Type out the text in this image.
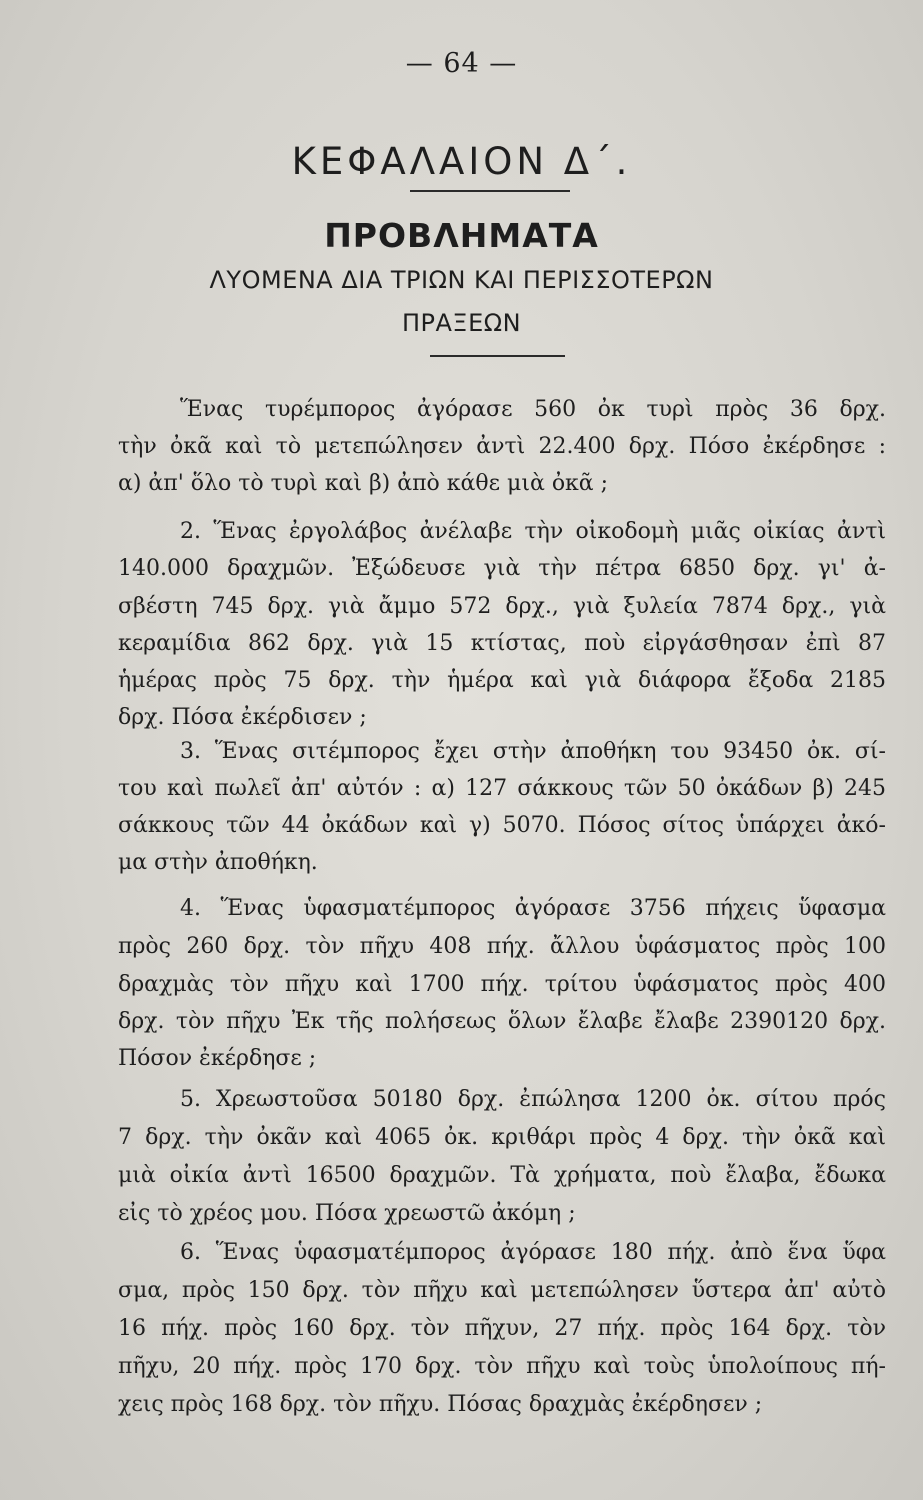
— 64 —
ΚΕΦΑΛΑΙΟΝ Δ΄.
ΠΡΟΒΛΗΜΑΤΑ
ΛΥΟΜΕΝΑ ΔΙΑ ΤΡΙΩΝ ΚΑΙ ΠΕΡΙΣΣΟΤΕΡΩΝ
ΠΡΑΞΕΩΝ
Ἕνας τυρέμπορος ἀγόρασε 560 ὀκ τυρὶ πρὸς 36 δρχ.
τὴν ὀκᾶ καὶ τὸ μετεπώλησεν ἀντὶ 22.400 δρχ. Πόσο ἐκέρδησε :
α) ἀπ' ὅλο τὸ τυρὶ καὶ β) ἀπὸ κάθε μιὰ ὀκᾶ ;
2. Ἕνας ἐργολάβος ἀνέλαβε τὴν οἰκοδομὴ μιᾶς οἰκίας ἀντὶ
140.000 δραχμῶν. Ἐξώδευσε γιὰ τὴν πέτρα 6850 δρχ. γι' ἀ-
σβέστη 745 δρχ. γιὰ ἄμμο 572 δρχ., γιὰ ξυλεία 7874 δρχ., γιὰ
κεραμίδια 862 δρχ. γιὰ 15 κτίστας, ποὺ εἰργάσθησαν ἐπὶ 87
ἡμέρας πρὸς 75 δρχ. τὴν ἡμέρα καὶ γιὰ διάφορα ἔξοδα 2185
δρχ. Πόσα ἐκέρδισεν ;
3. Ἕνας σιτέμπορος ἔχει στὴν ἀποθήκη του 93450 ὀκ. σί-
του καὶ πωλεῖ ἀπ' αὐτόν : α) 127 σάκκους τῶν 50 ὀκάδων β) 245
σάκκους τῶν 44 ὀκάδων καὶ γ) 5070. Πόσος σίτος ὑπάρχει ἀκό-
μα στὴν ἀποθήκη.
4. Ἕνας ὑφασματέμπορος ἀγόρασε 3756 πήχεις ὕφασμα
πρὸς 260 δρχ. τὸν πῆχυ 408 πήχ. ἄλλου ὑφάσματος πρὸς 100
δραχμὰς τὸν πῆχυ καὶ 1700 πήχ. τρίτου ὑφάσματος πρὸς 400
δρχ. τὸν πῆχυ Ἐκ τῆς πολήσεως ὅλων ἔλαβε ἔλαβε 2390120 δρχ.
Πόσον ἐκέρδησε ;
5. Χρεωστοῦσα 50180 δρχ. ἐπώλησα 1200 ὀκ. σίτου πρός
7 δρχ. τὴν ὀκᾶν καὶ 4065 ὀκ. κριθάρι πρὸς 4 δρχ. τὴν ὀκᾶ καὶ
μιὰ οἰκία ἀντὶ 16500 δραχμῶν. Τὰ χρήματα, ποὺ ἔλαβα, ἔδωκα
εἰς τὸ χρέος μου. Πόσα χρεωστῶ ἀκόμη ;
6. Ἕνας ὑφασματέμπορος ἀγόρασε 180 πήχ. ἀπὸ ἕνα ὕφα
σμα, πρὸς 150 δρχ. τὸν πῆχυ καὶ μετεπώλησεν ὕστερα ἀπ' αὐτὸ
16 πήχ. πρὸς 160 δρχ. τὸν πῆχυν, 27 πήχ. πρὸς 164 δρχ. τὸν
πῆχυ, 20 πήχ. πρὸς 170 δρχ. τὸν πῆχυ καὶ τοὺς ὑπολοίπους πή-
χεις πρὸς 168 δρχ. τὸν πῆχυ. Πόσας δραχμὰς ἐκέρδησεν ;
